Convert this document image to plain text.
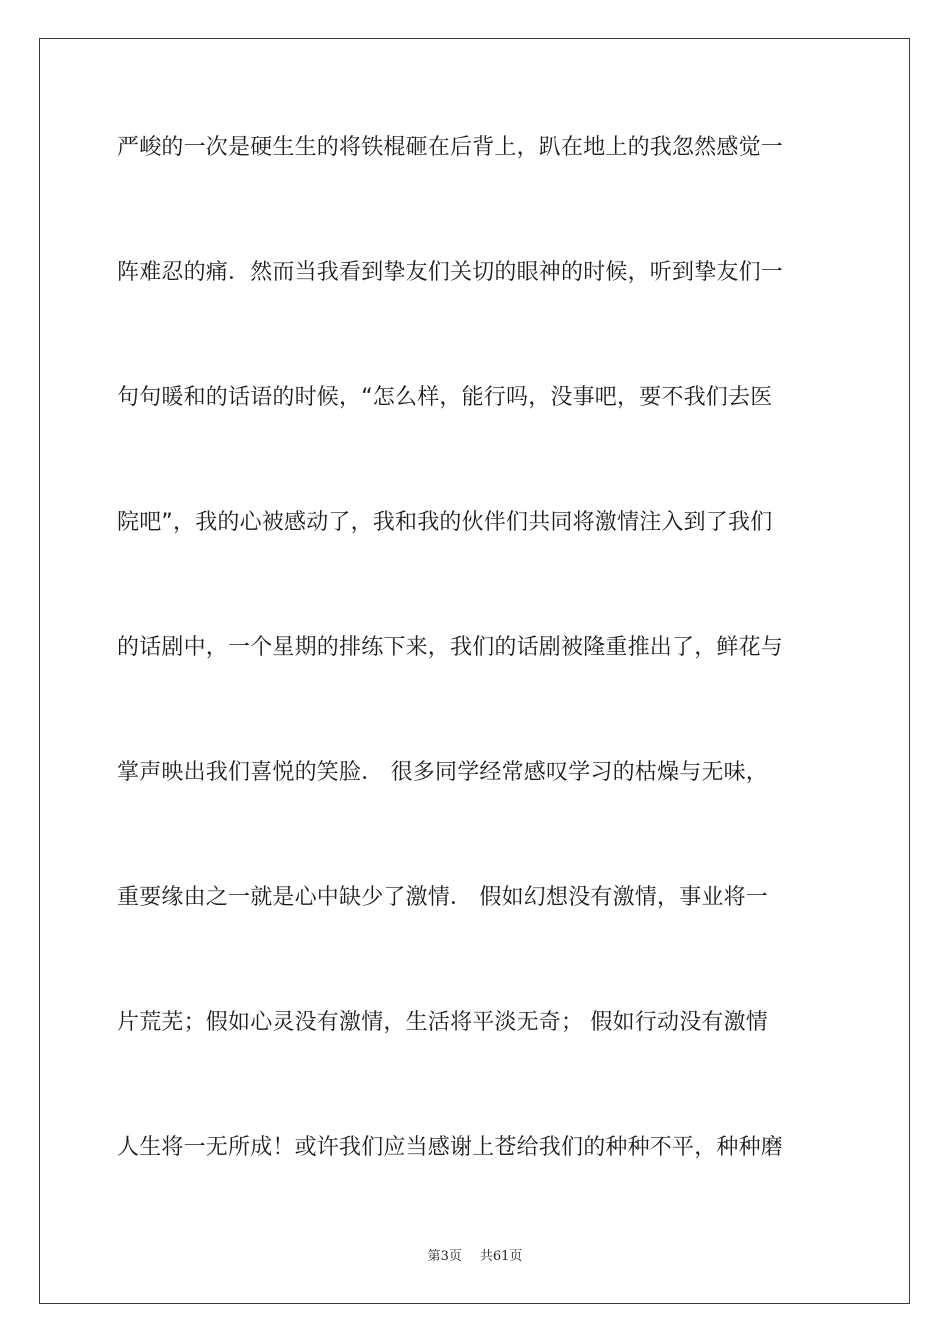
严峻的一次是硬生生的将铁棍砸在后背上，趴在地上的我忽然感觉一
阵难忍的痛．然而当我看到挚友们关切的眼神的时候，听到挚友们一
句句暖和的话语的时候，“怎么样，能行吗，没事吧，要不我们去医
院吧”，我的心被感动了，我和我的伙伴们共同将激情注入到了我们
的话剧中，一个星期的排练下来，我们的话剧被隆重推出了，鲜花与
掌声映出我们喜悦的笑脸． 很多同学经常感叹学习的枯燥与无味，
重要缘由之一就是心中缺少了激情． 假如幻想没有激情，事业将一
片荒芜；假如心灵没有激情，生活将平淡无奇； 假如行动没有激情
人生将一无所成！或许我们应当感谢上苍给我们的种种不平，种种磨
第3页 共61页
